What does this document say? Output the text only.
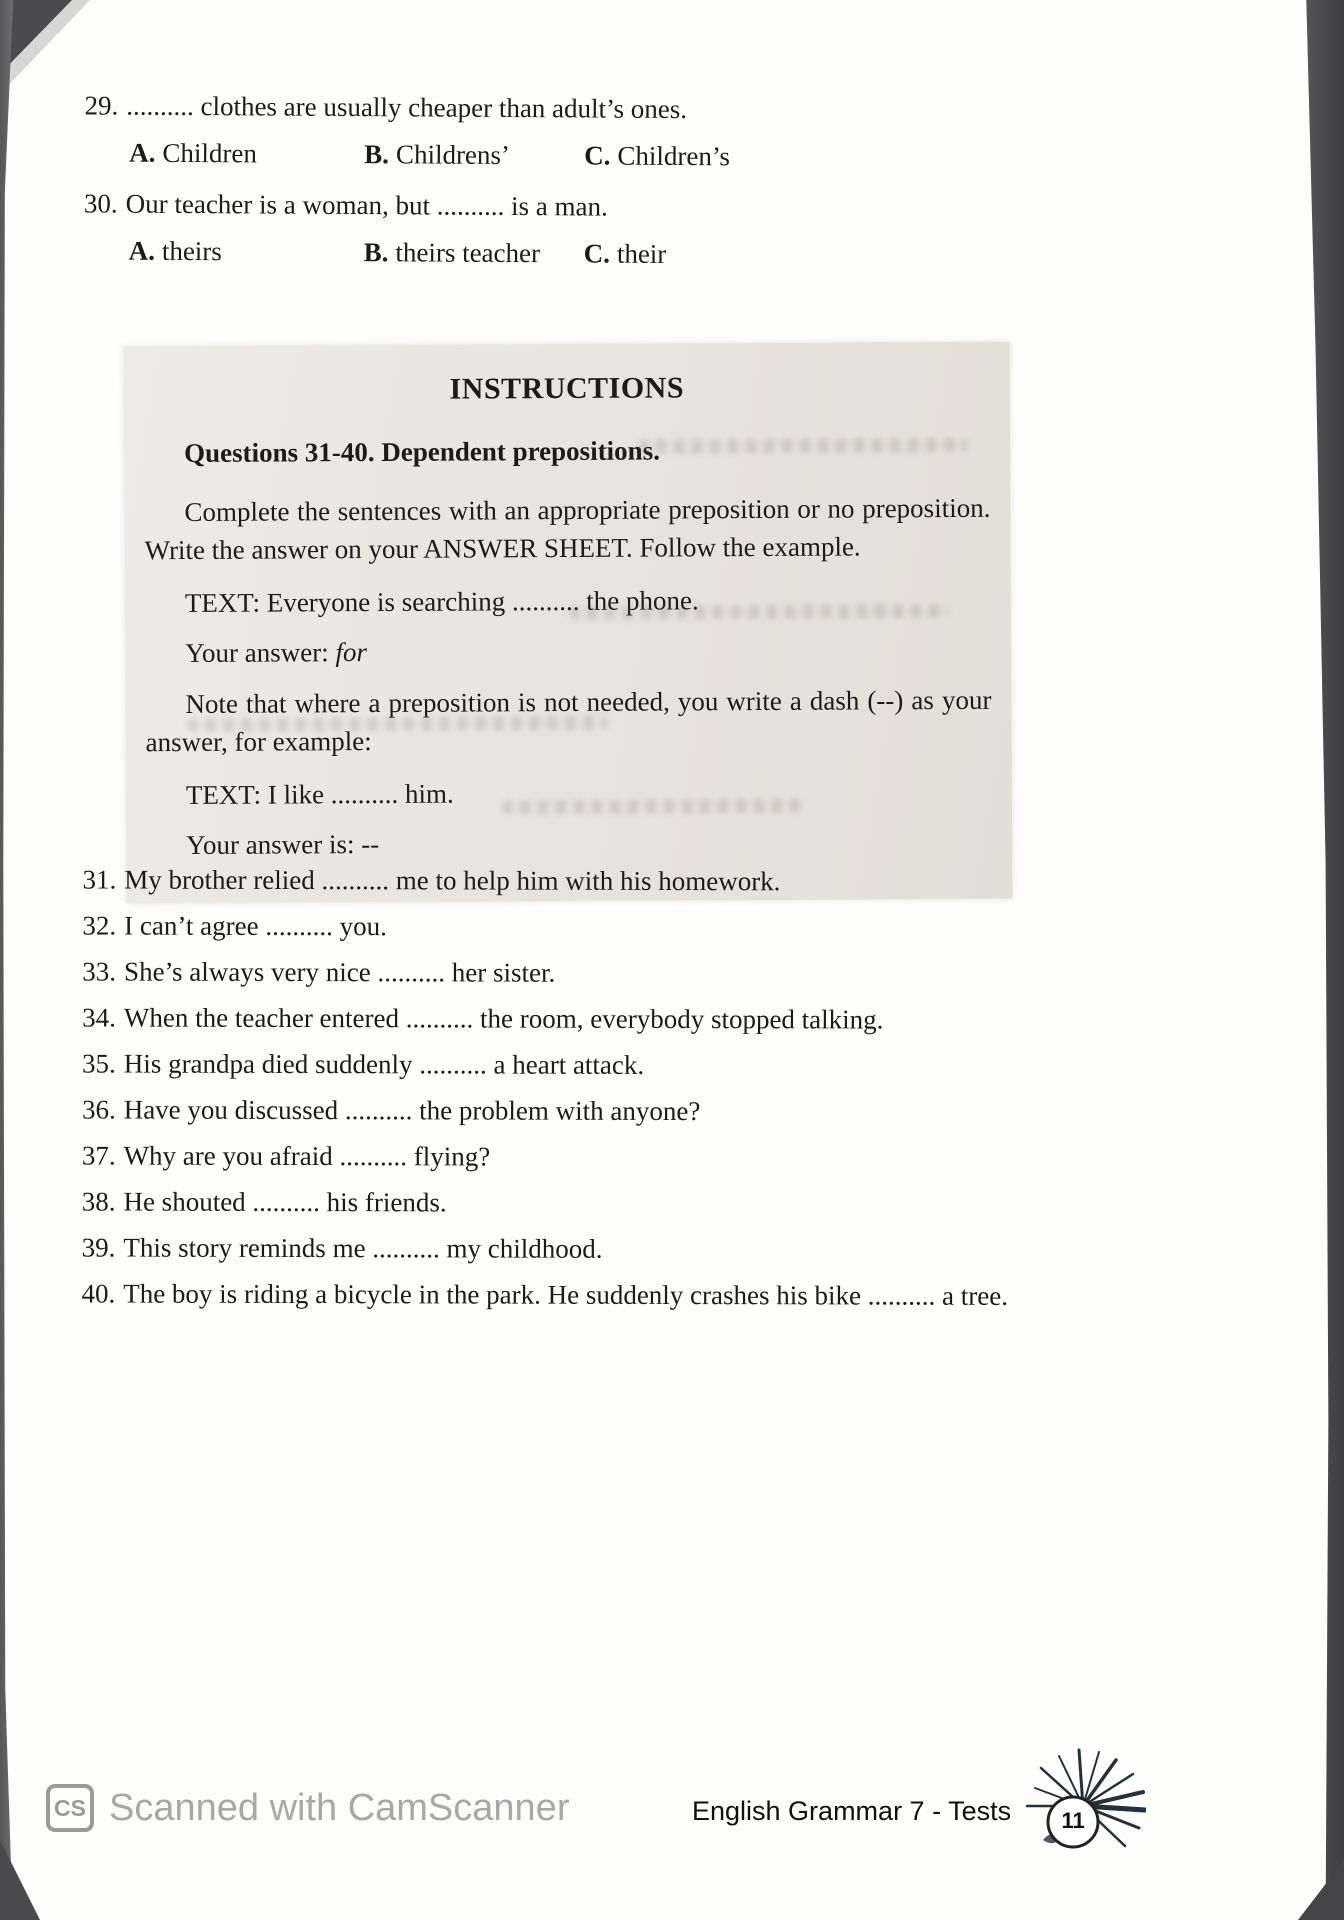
29. .......... clothes are usually cheaper than adult’s ones.
A. Children	B. Childrens’	C. Children’s
30. Our teacher is a woman, but .......... is a man.
A. theirs	B. theirs teacher	C. their
INSTRUCTIONS

Questions 31-40. Dependent prepositions.

Complete the sentences with an appropriate preposition or no preposition. Write the answer on your ANSWER SHEET. Follow the example.

TEXT: Everyone is searching .......... the phone.

Your answer: for

Note that where a preposition is not needed, you write a dash (--) as your answer, for example:

TEXT: I like .......... him.

Your answer is: --

31. My brother relied .......... me to help him with his homework.
32. I can’t agree .......... you.
33. She’s always very nice .......... her sister.
34. When the teacher entered .......... the room, everybody stopped talking.
35. His grandpa died suddenly .......... a heart attack.
36. Have you discussed .......... the problem with anyone?
37. Why are you afraid .......... flying?
38. He shouted .......... his friends.
39. This story reminds me .......... my childhood.
40. The boy is riding a bicycle in the park. He suddenly crashes his bike .......... a tree.
CS Scanned with CamScanner	English Grammar 7 - Tests 11
